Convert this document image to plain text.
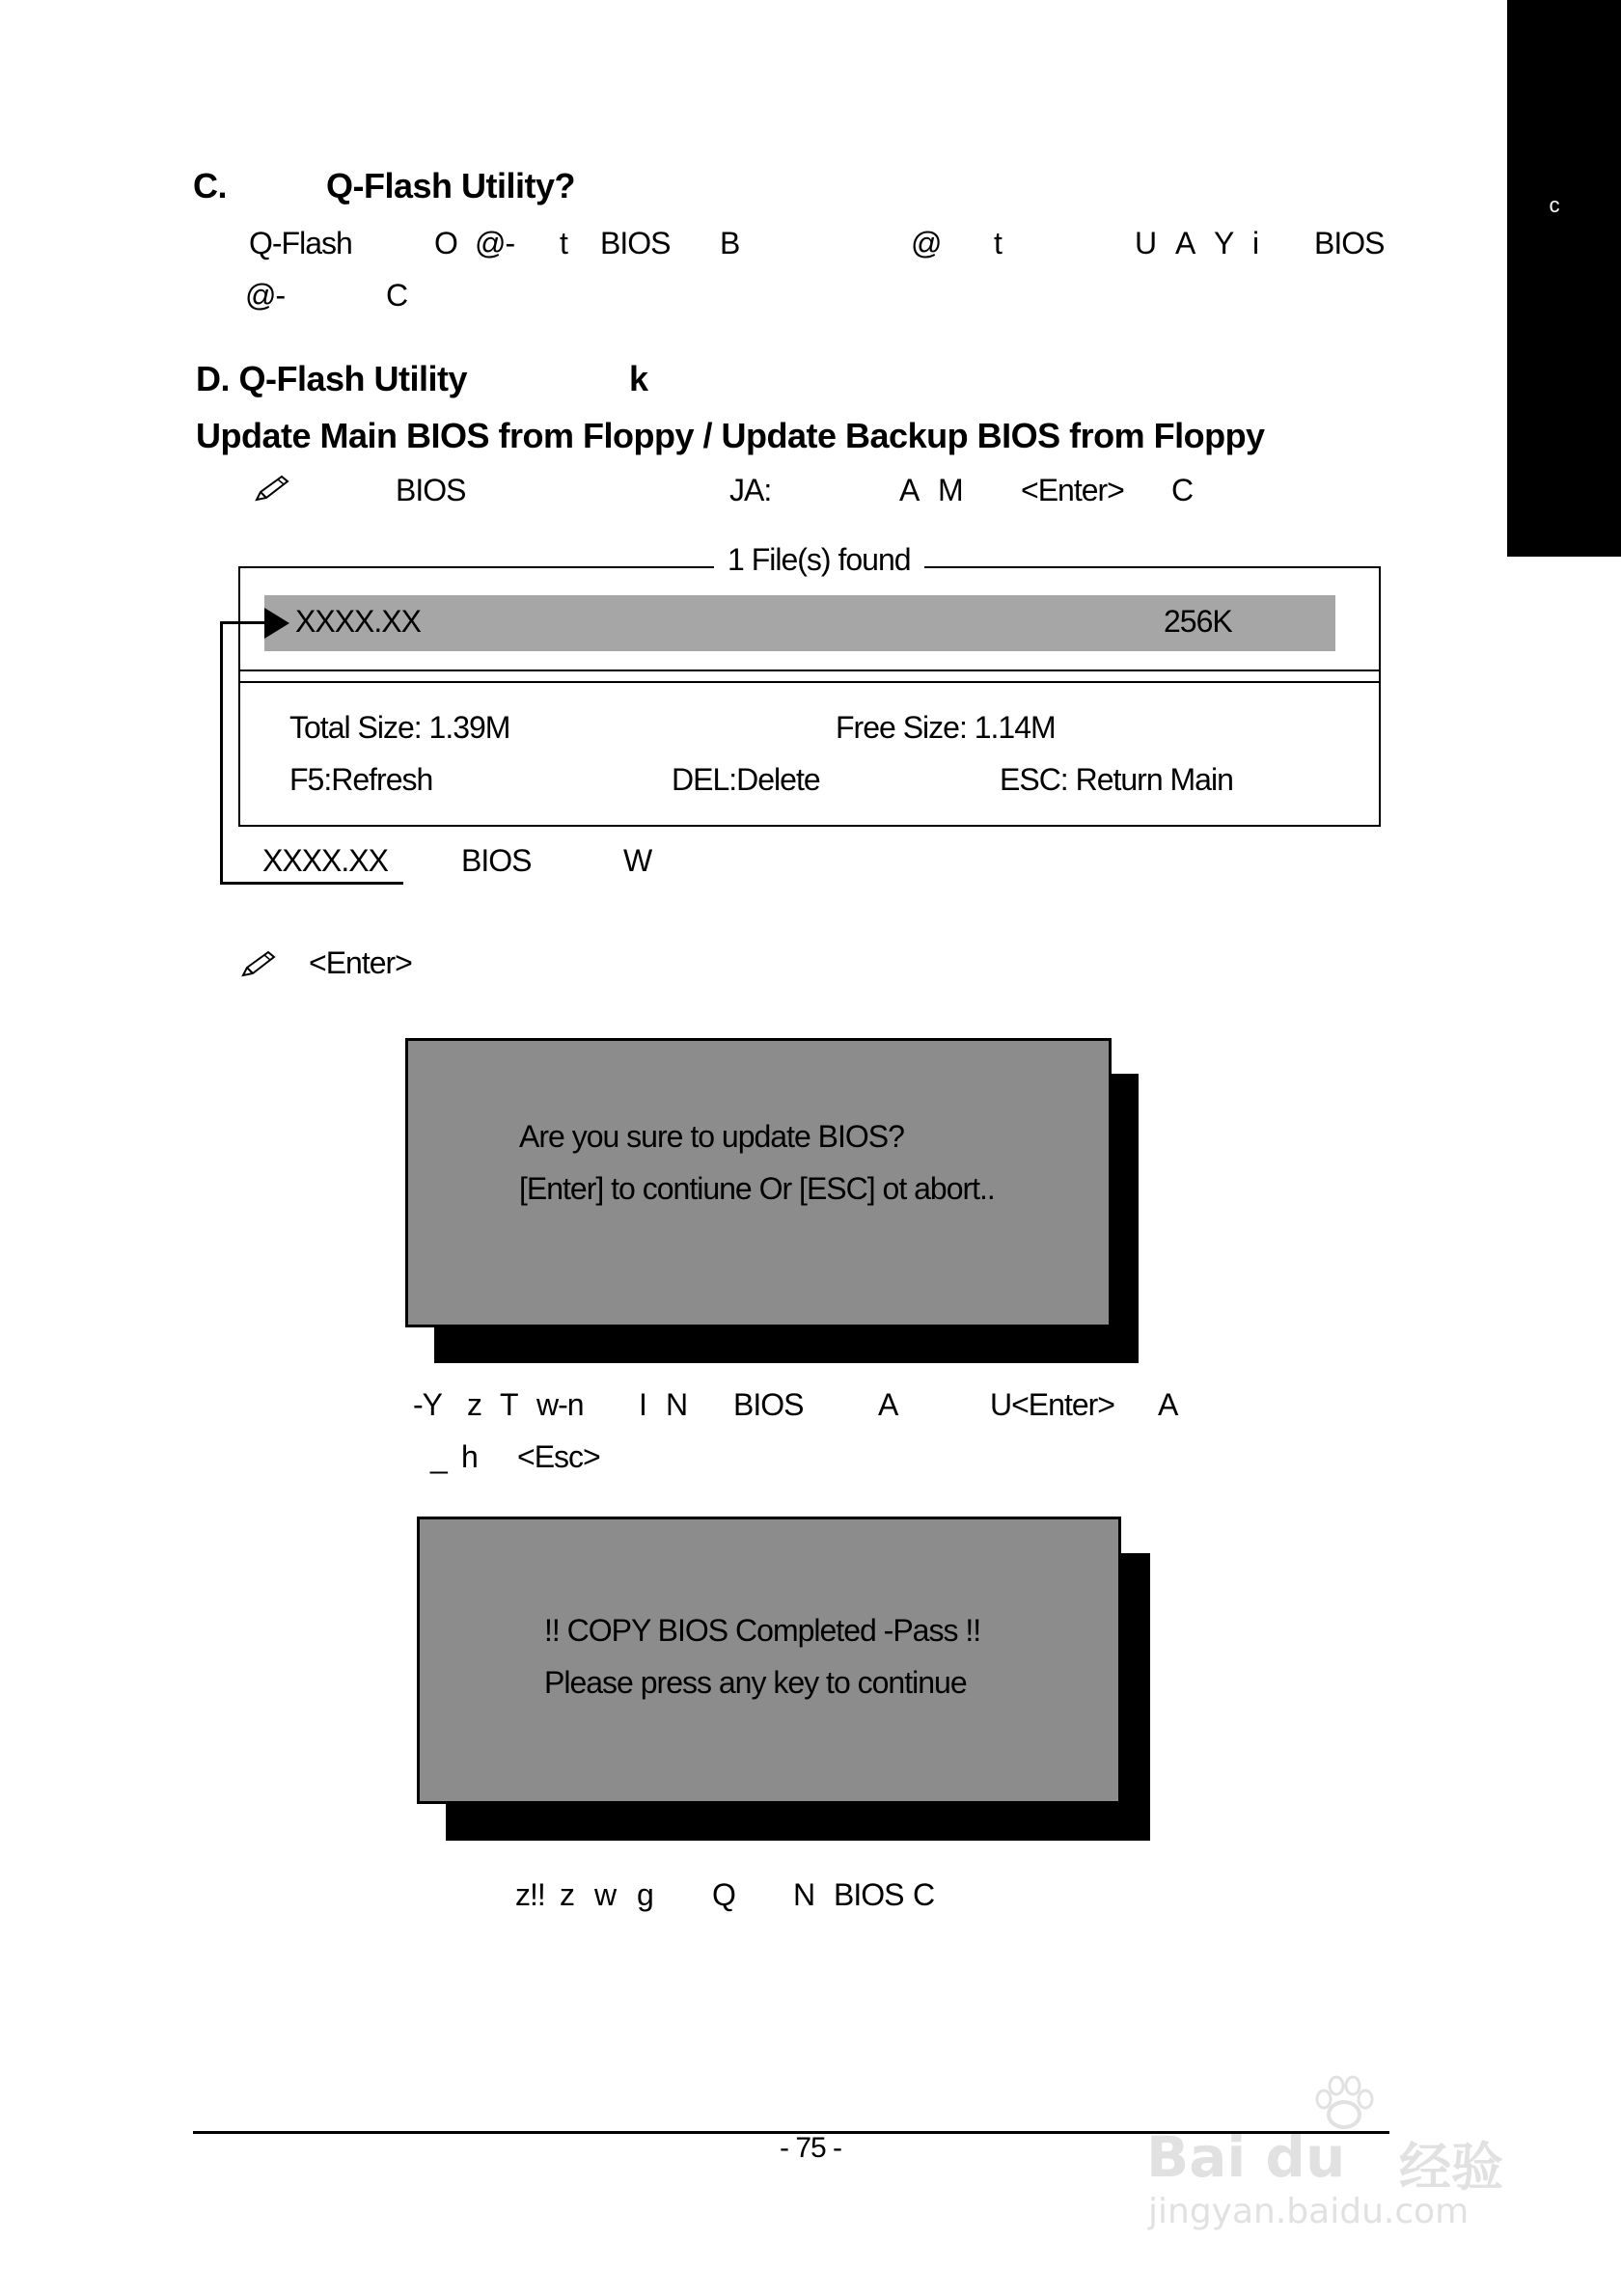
c
C.	Q-Flash Utility?
Q-Flash	O @- t BIOS B	@ t	U A Y i BIOS
@-	C
D. Q-Flash Utility	k
Update Main BIOS from Floppy / Update Backup BIOS from Floppy
BIOS	JA:	A M <Enter> C
1 File(s) found
XXXX.XX	256K
Total Size: 1.39M	Free Size: 1.14M
F5:Refresh	DEL:Delete	ESC: Return Main
XXXX.XX BIOS	W
<Enter>
Are you sure to update BIOS?
[Enter] to contiune Or [ESC] ot abort..
-Y z T w-n I N BIOS A	U<Enter> A
_ h <Esc>
!! COPY BIOS Completed -Pass !!
Please press any key to continue
z!! z w g Q N BIOS C
- 75 -	Bai du 经验
jingyan.baidu.com
